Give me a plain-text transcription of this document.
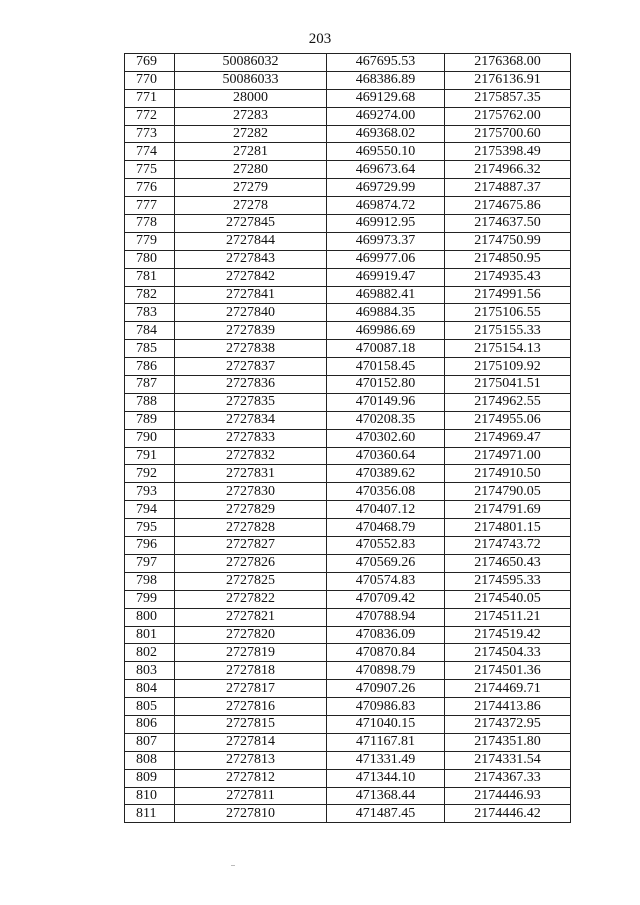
203
769	50086032	467695.53	2176368.00
770	50086033	468386.89	2176136.91
771	28000	469129.68	2175857.35
772	27283	469274.00	2175762.00
773	27282	469368.02	2175700.60
774	27281	469550.10	2175398.49
775	27280	469673.64	2174966.32
776	27279	469729.99	2174887.37
777	27278	469874.72	2174675.86
778	2727845	469912.95	2174637.50
779	2727844	469973.37	2174750.99
780	2727843	469977.06	2174850.95
781	2727842	469919.47	2174935.43
782	2727841	469882.41	2174991.56
783	2727840	469884.35	2175106.55
784	2727839	469986.69	2175155.33
785	2727838	470087.18	2175154.13
786	2727837	470158.45	2175109.92
787	2727836	470152.80	2175041.51
788	2727835	470149.96	2174962.55
789	2727834	470208.35	2174955.06
790	2727833	470302.60	2174969.47
791	2727832	470360.64	2174971.00
792	2727831	470389.62	2174910.50
793	2727830	470356.08	2174790.05
794	2727829	470407.12	2174791.69
795	2727828	470468.79	2174801.15
796	2727827	470552.83	2174743.72
797	2727826	470569.26	2174650.43
798	2727825	470574.83	2174595.33
799	2727822	470709.42	2174540.05
800	2727821	470788.94	2174511.21
801	2727820	470836.09	2174519.42
802	2727819	470870.84	2174504.33
803	2727818	470898.79	2174501.36
804	2727817	470907.26	2174469.71
805	2727816	470986.83	2174413.86
806	2727815	471040.15	2174372.95
807	2727814	471167.81	2174351.80
808	2727813	471331.49	2174331.54
809	2727812	471344.10	2174367.33
810	2727811	471368.44	2174446.93
811	2727810	471487.45	2174446.42
